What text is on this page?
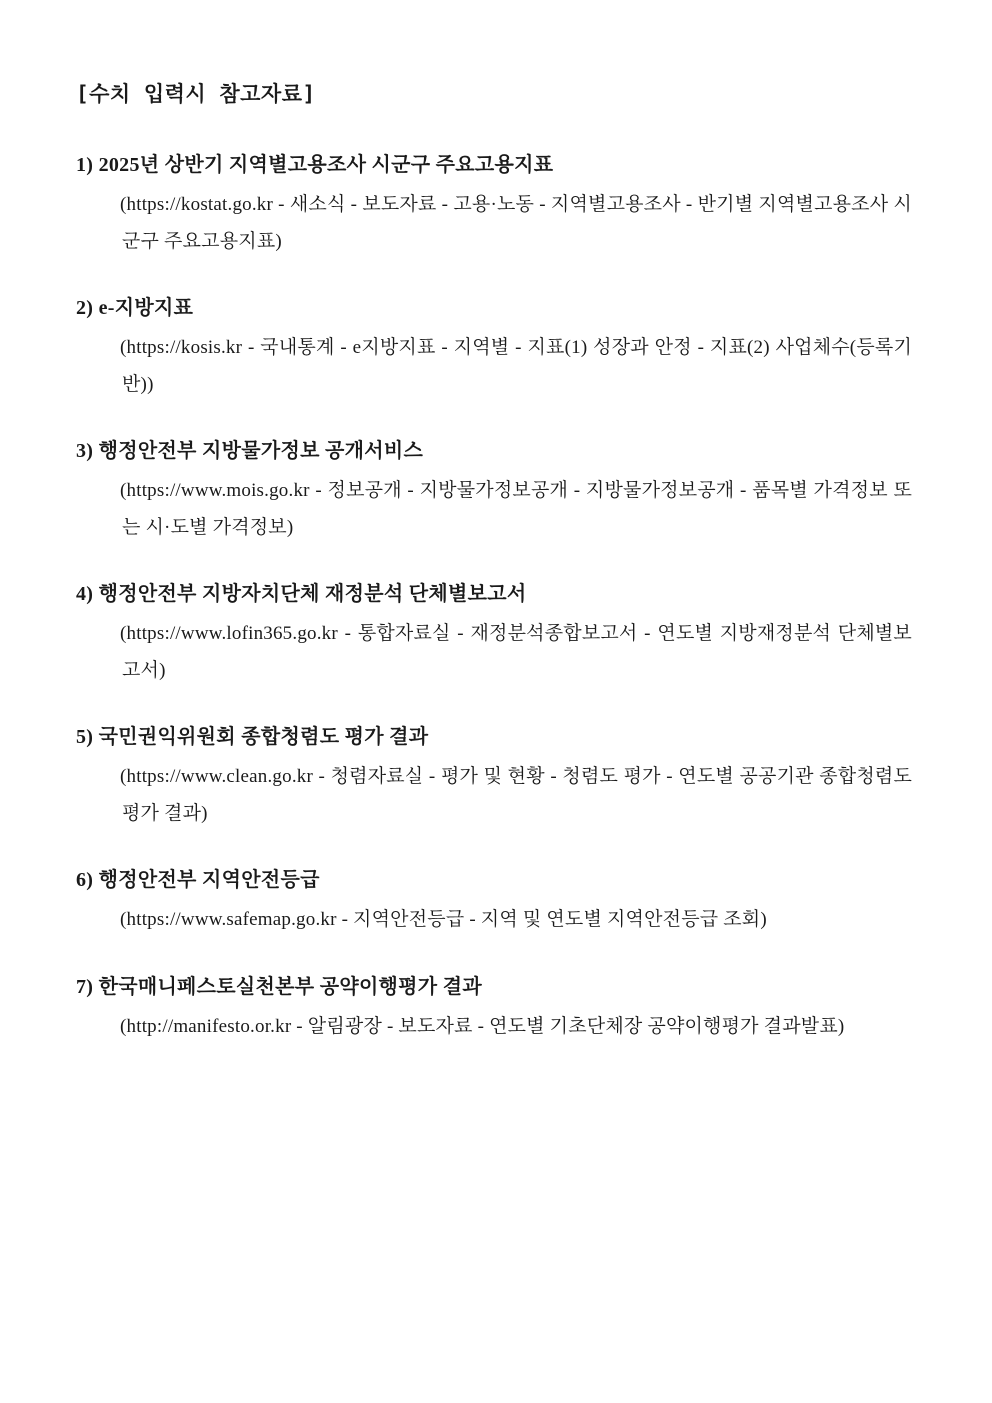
[수치 입력시 참고자료]

1) 2025년 상반기 지역별고용조사 시군구 주요고용지표

(https://kostat.go.kr - 새소식 - 보도자료 - 고용·노동 - 지역별고용조사 - 반기별 지역별고용조사 시군구 주요고용지표)

2) e-지방지표

(https://kosis.kr - 국내통계 - e지방지표 - 지역별 - 지표(1) 성장과 안정 - 지표(2) 사업체수(등록기반))

3) 행정안전부 지방물가정보 공개서비스

(https://www.mois.go.kr - 정보공개 - 지방물가정보공개 - 지방물가정보공개 - 품목별 가격정보 또는 시·도별 가격정보)

4) 행정안전부 지방자치단체 재정분석 단체별보고서

(https://www.lofin365.go.kr - 통합자료실 - 재정분석종합보고서 - 연도별 지방재정분석 단체별보고서)

5) 국민권익위원회 종합청렴도 평가 결과

(https://www.clean.go.kr - 청렴자료실 - 평가 및 현황 - 청렴도 평가 - 연도별 공공기관 종합청렴도 평가 결과)

6) 행정안전부 지역안전등급

(https://www.safemap.go.kr - 지역안전등급 - 지역 및 연도별 지역안전등급 조회)

7) 한국매니페스토실천본부 공약이행평가 결과

(http://manifesto.or.kr - 알림광장 - 보도자료 - 연도별 기초단체장 공약이행평가 결과발표)
